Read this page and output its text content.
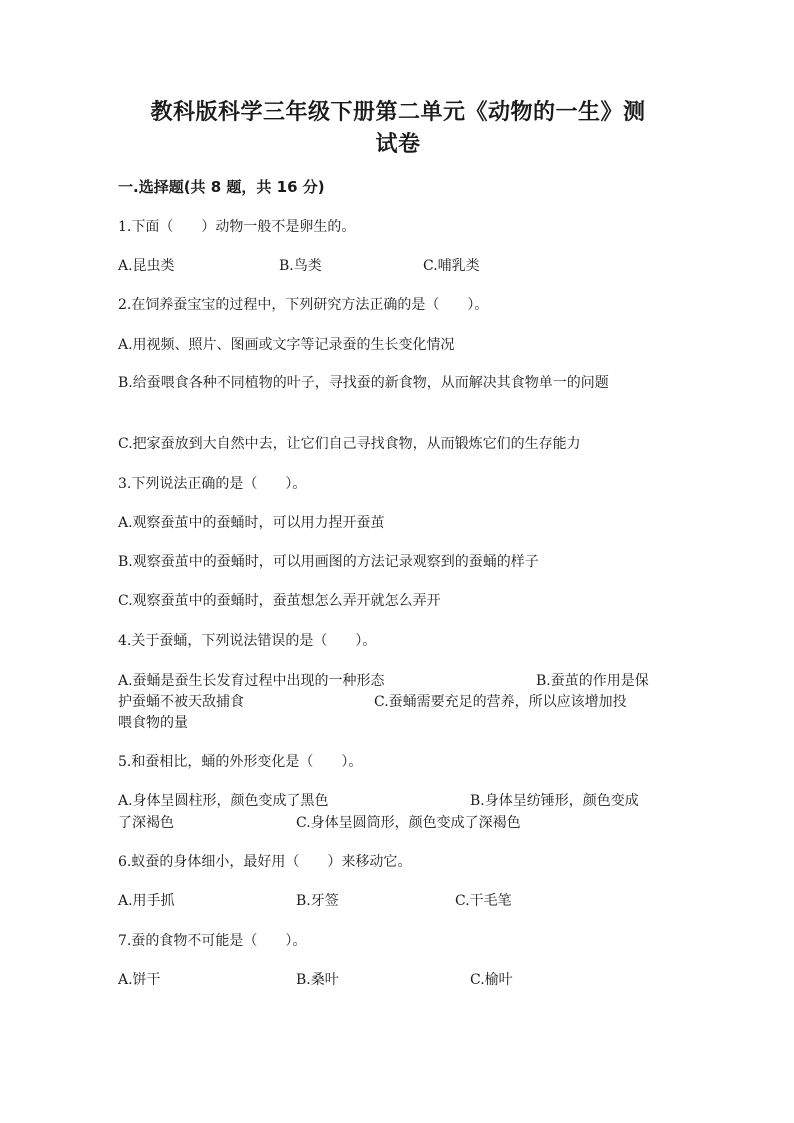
教科版科学三年级下册第二单元《动物的一生》测
试卷
一.选择题(共 8 题，共 16 分)
1.下面（　　）动物一般不是卵生的。
A.昆虫类	B.鸟类	C.哺乳类
2.在饲养蚕宝宝的过程中，下列研究方法正确的是（　　）。
A.用视频、照片、图画或文字等记录蚕的生长变化情况
B.给蚕喂食各种不同植物的叶子，寻找蚕的新食物，从而解决其食物单一的问题
C.把家蚕放到大自然中去，让它们自己寻找食物，从而锻炼它们的生存能力
3.下列说法正确的是（　　）。
A.观察蚕茧中的蚕蛹时，可以用力捏开蚕茧
B.观察蚕茧中的蚕蛹时，可以用画图的方法记录观察到的蚕蛹的样子
C.观察蚕茧中的蚕蛹时，蚕茧想怎么弄开就怎么弄开
4.关于蚕蛹，下列说法错误的是（　　）。
A.蚕蛹是蚕生长发育过程中出现的一种形态	B.蚕茧的作用是保
护蚕蛹不被天敌捕食	C.蚕蛹需要充足的营养，所以应该增加投
喂食物的量
5.和蚕相比，蛹的外形变化是（　　）。
A.身体呈圆柱形，颜色变成了黑色	B.身体呈纺锤形，颜色变成
了深褐色	C.身体呈圆筒形，颜色变成了深褐色
6.蚁蚕的身体细小，最好用（　　）来移动它。
A.用手抓	B.牙签	C.干毛笔
7.蚕的食物不可能是（　　）。
A.饼干	B.桑叶	C.榆叶
